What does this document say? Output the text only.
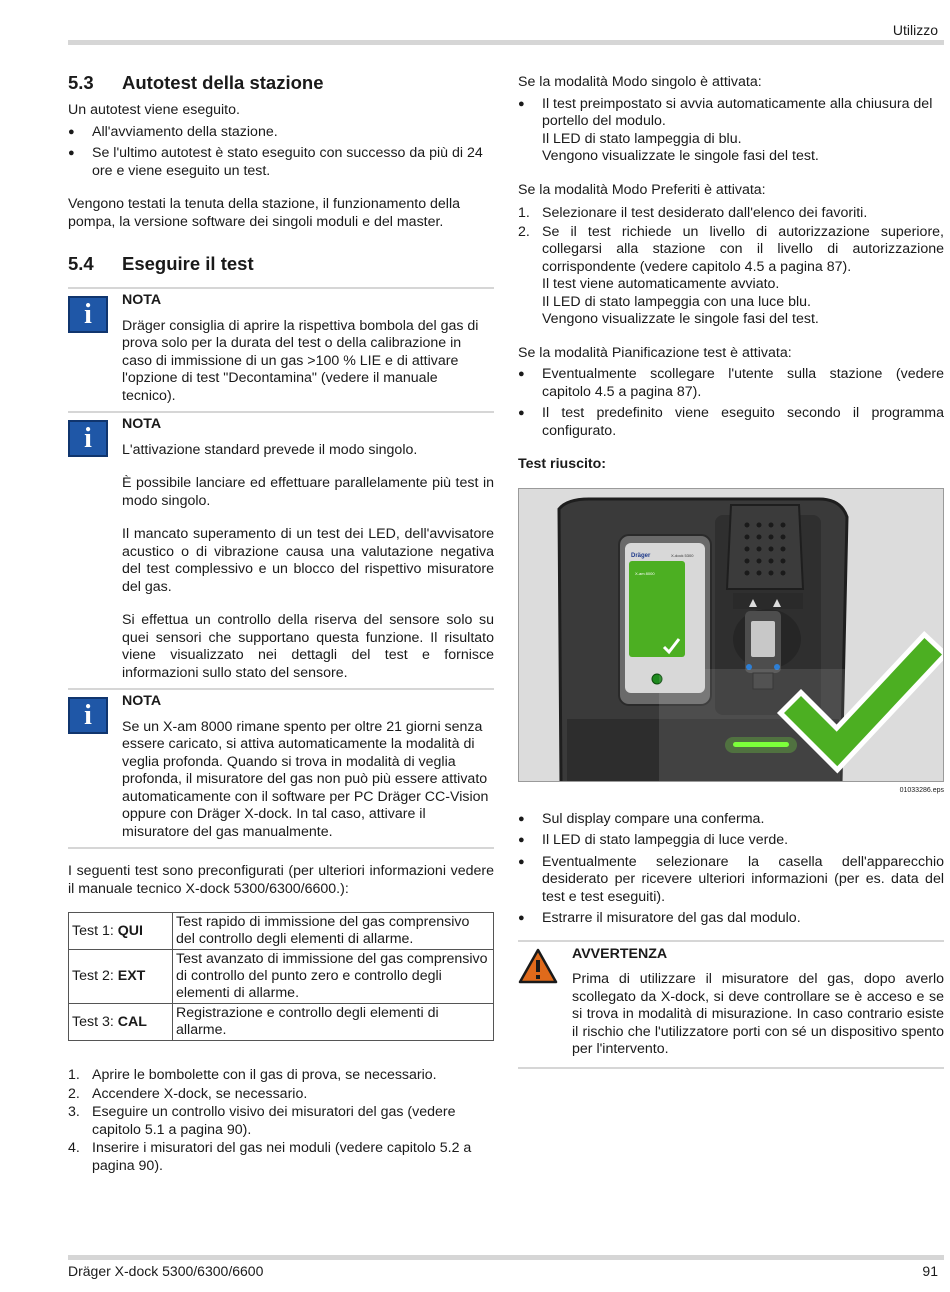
Utilizzo
5.3	Autotest della stazione

Un autotest viene eseguito.

● All'avviamento della stazione.
● Se l'ultimo autotest è stato eseguito con successo da più di 24 ore e viene eseguito un test.

Vengono testati la tenuta della stazione, il funzionamento della pompa, la versione software dei singoli moduli e del master.

5.4	Eseguire il test
i	NOTA

Dräger consiglia di aprire la rispettiva bombola del gas di prova solo per la durata del test o della calibrazione in caso di immissione di un gas >100 % LIE e di attivare l'opzione di test "Decontamina" (vedere il manuale tecnico).

i	NOTA

L'attivazione standard prevede il modo singolo.

È possibile lanciare ed effettuare parallelamente più test in modo singolo.

Il mancato superamento di un test dei LED, dell'avvisatore acustico o di vibrazione causa una valutazione negativa del test complessivo e un blocco del rispettivo misuratore del gas.

Si effettua un controllo della riserva del sensore solo su quei sensori che supportano questa funzione. Il risultato viene visualizzato nei dettagli del test e fornisce informazioni sullo stato del sensore.

i	NOTA

Se un X-am 8000 rimane spento per oltre 21 giorni senza essere caricato, si attiva automaticamente la modalità di veglia profonda. Quando si trova in modalità di veglia profonda, il misuratore del gas non può più essere attivato automaticamente con il software per PC Dräger CC-Vision oppure con Dräger X-dock. In tal caso, attivare il misuratore del gas manualmente.

I seguenti test sono preconfigurati (per ulteriori informazioni vedere il manuale tecnico X-dock 5300/6300/6600.):

Test 1: QUI	Test rapido di immissione del gas comprensivo del controllo degli elementi di allarme.
Test 2: EXT	Test avanzato di immissione del gas comprensivo di controllo del punto zero e controllo degli elementi di allarme.
Test 3: CAL	Registrazione e controllo degli elementi di allarme.
1. Aprire le bombolette con il gas di prova, se necessario.
2. Accendere X-dock, se necessario.
3. Eseguire un controllo visivo dei misuratori del gas (vedere capitolo 5.1 a pagina 90).
4. Inserire i misuratori del gas nei moduli (vedere capitolo 5.2 a pagina 90).

Se la modalità Modo singolo è attivata:

● Il test preimpostato si avvia automaticamente alla chiusura del portello del modulo.
Il LED di stato lampeggia di blu.
Vengono visualizzate le singole fasi del test.

Se la modalità Modo Preferiti è attivata:

1. Selezionare il test desiderato dall'elenco dei favoriti.
2. Se il test richiede un livello di autorizzazione superiore, collegarsi alla stazione con il livello di autorizzazione corrispondente (vedere capitolo 4.5 a pagina 87).
Il test viene automaticamente avviato.
Il LED di stato lampeggia con una luce blu.
Vengono visualizzate le singole fasi del test.

Se la modalità Pianificazione test è attivata:

● Eventualmente scollegare l'utente sulla stazione (vedere capitolo 4.5 a pagina 87).
● Il test predefinito viene eseguito secondo il programma configurato.

Test riuscito:

Dräger	X-dock 5300
X-am 8000
01033286.eps
● Sul display compare una conferma.
● Il LED di stato lampeggia di luce verde.
● Eventualmente selezionare la casella dell'apparecchio desiderato per ricevere ulteriori informazioni (per es. data del test e test eseguiti).
● Estrarre il misuratore del gas dal modulo.
AVVERTENZA

Prima di utilizzare il misuratore del gas, dopo averlo scollegato da X-dock, si deve controllare se è acceso e se si trova in modalità di misurazione. In caso contrario esiste il rischio che l'utilizzatore porti con sé un dispositivo spento per l'intervento.

Dräger X-dock 5300/6300/6600	91
